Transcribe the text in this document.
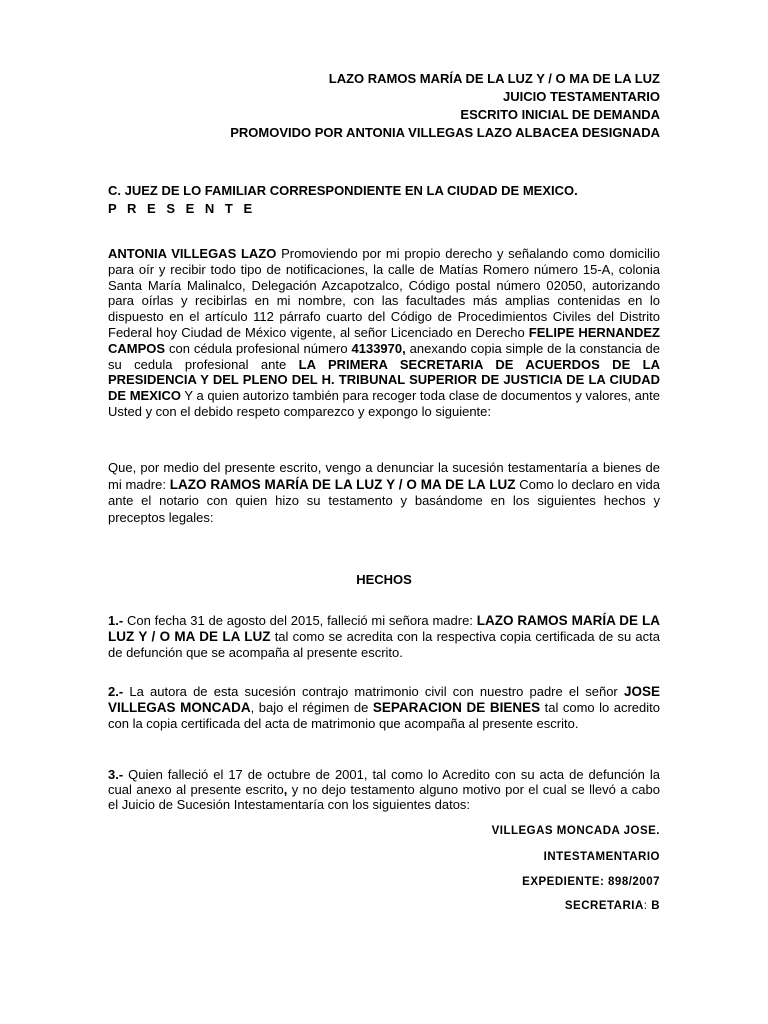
LAZO RAMOS MARÍA DE LA LUZ Y / O MA DE LA LUZ
JUICIO TESTAMENTARIO
ESCRITO INICIAL DE DEMANDA
PROMOVIDO POR ANTONIA VILLEGAS LAZO ALBACEA DESIGNADA
C. JUEZ DE LO FAMILIAR CORRESPONDIENTE EN LA CIUDAD DE MEXICO.
P R E S E N T E
ANTONIA VILLEGAS LAZO Promoviendo por mi propio derecho y señalando como domicilio para oír y recibir todo tipo de notificaciones, la calle de Matías Romero número 15-A, colonia Santa María Malinalco, Delegación Azcapotzalco, Código postal número 02050, autorizando para oírlas y recibirlas en mi nombre, con las facultades más amplias contenidas en lo dispuesto en el artículo 112 párrafo cuarto del Código de Procedimientos Civiles del Distrito Federal hoy Ciudad de México vigente, al señor Licenciado en Derecho FELIPE HERNANDEZ CAMPOS con cédula profesional número 4133970, anexando copia simple de la constancia de su cedula profesional ante LA PRIMERA SECRETARIA DE ACUERDOS DE LA PRESIDENCIA Y DEL PLENO DEL H. TRIBUNAL SUPERIOR DE JUSTICIA DE LA CIUDAD DE MEXICO Y a quien autorizo también para recoger toda clase de documentos y valores, ante Usted y con el debido respeto comparezco y expongo lo siguiente:
Que, por medio del presente escrito, vengo a denunciar la sucesión testamentaría a bienes de mi madre: LAZO RAMOS MARÍA DE LA LUZ Y / O MA DE LA LUZ Como lo declaro en vida ante el notario con quien hizo su testamento y basándome en los siguientes hechos y preceptos legales:
HECHOS
1.- Con fecha 31 de agosto del 2015, falleció mi señora madre: LAZO RAMOS MARÍA DE LA LUZ Y / O MA DE LA LUZ tal como se acredita con la respectiva copia certificada de su acta de defunción que se acompaña al presente escrito.
2.- La autora de esta sucesión contrajo matrimonio civil con nuestro padre el señor JOSE VILLEGAS MONCADA, bajo el régimen de SEPARACION DE BIENES tal como lo acredito con la copia certificada del acta de matrimonio que acompaña al presente escrito.
3.- Quien falleció el 17 de octubre de 2001, tal como lo Acredito con su acta de defunción la cual anexo al presente escrito, y no dejo testamento alguno motivo por el cual se llevó a cabo el Juicio de Sucesión Intestamentaría con los siguientes datos:
VILLEGAS MONCADA JOSE.
INTESTAMENTARIO
EXPEDIENTE: 898/2007
SECRETARIA: B
